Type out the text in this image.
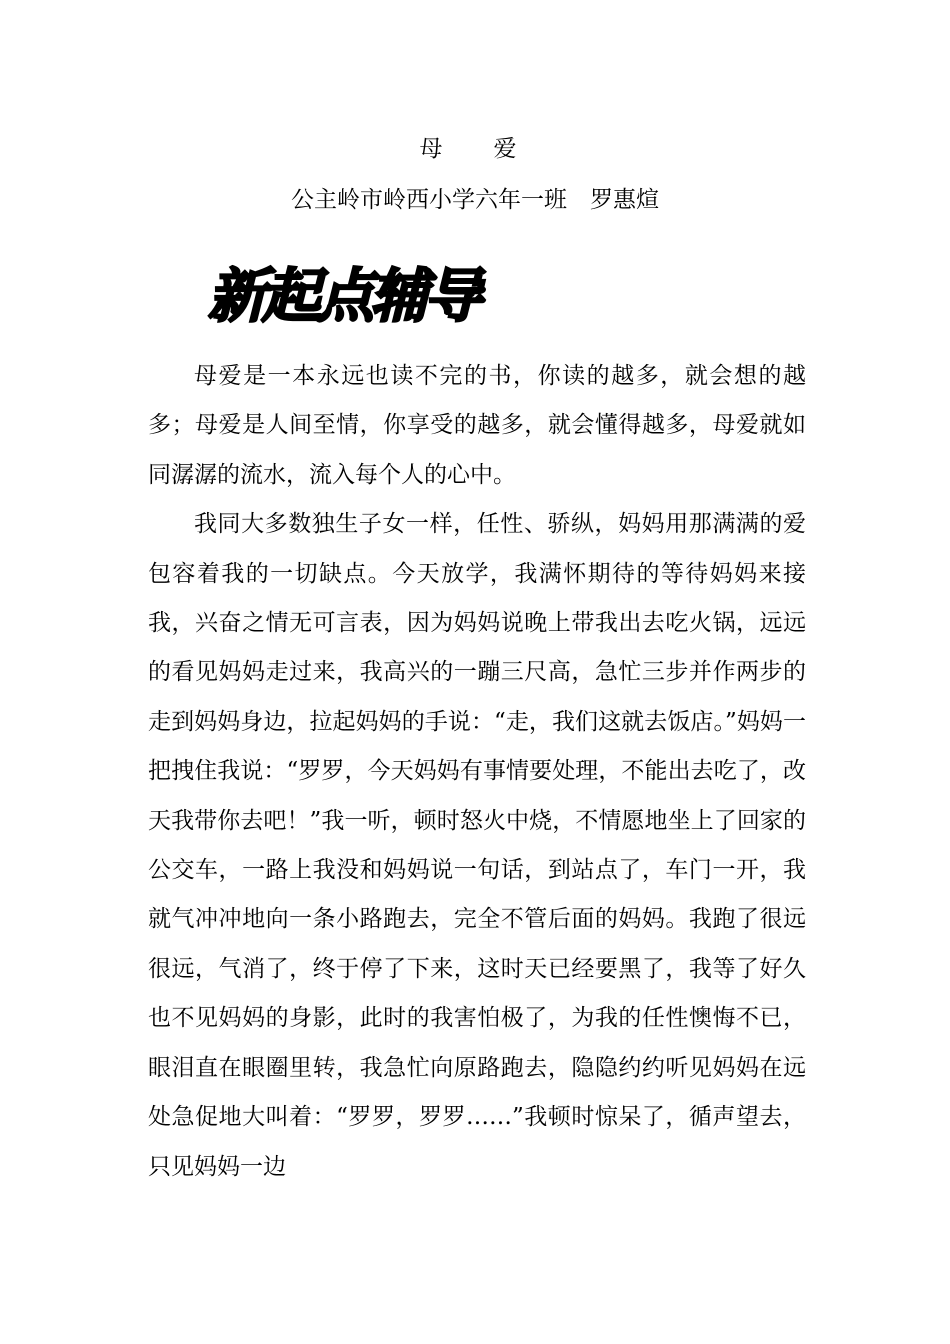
母　爱
公主岭市岭西小学六年一班　罗惠煊
新起点辅导

母爱是一本永远也读不完的书，你读的越多，就会想的越多；母爱是人间至情，你享受的越多，就会懂得越多，母爱就如同潺潺的流水，流入每个人的心中。

我同大多数独生子女一样，任性、骄纵，妈妈用那满满的爱包容着我的一切缺点。今天放学，我满怀期待的等待妈妈来接我，兴奋之情无可言表，因为妈妈说晚上带我出去吃火锅，远远的看见妈妈走过来，我高兴的一蹦三尺高，急忙三步并作两步的走到妈妈身边，拉起妈妈的手说：“走，我们这就去饭店。”妈妈一把拽住我说：“罗罗，今天妈妈有事情要处理，不能出去吃了，改天我带你去吧！”我一听，顿时怒火中烧，不情愿地坐上了回家的公交车，一路上我没和妈妈说一句话，到站点了，车门一开，我就气冲冲地向一条小路跑去，完全不管后面的妈妈。我跑了很远很远，气消了，终于停了下来，这时天已经要黑了，我等了好久也不见妈妈的身影，此时的我害怕极了，为我的任性懊悔不已，眼泪直在眼圈里转，我急忙向原路跑去，隐隐约约听见妈妈在远处急促地大叫着：“罗罗，罗罗……”我顿时惊呆了，循声望去，只见妈妈一边
